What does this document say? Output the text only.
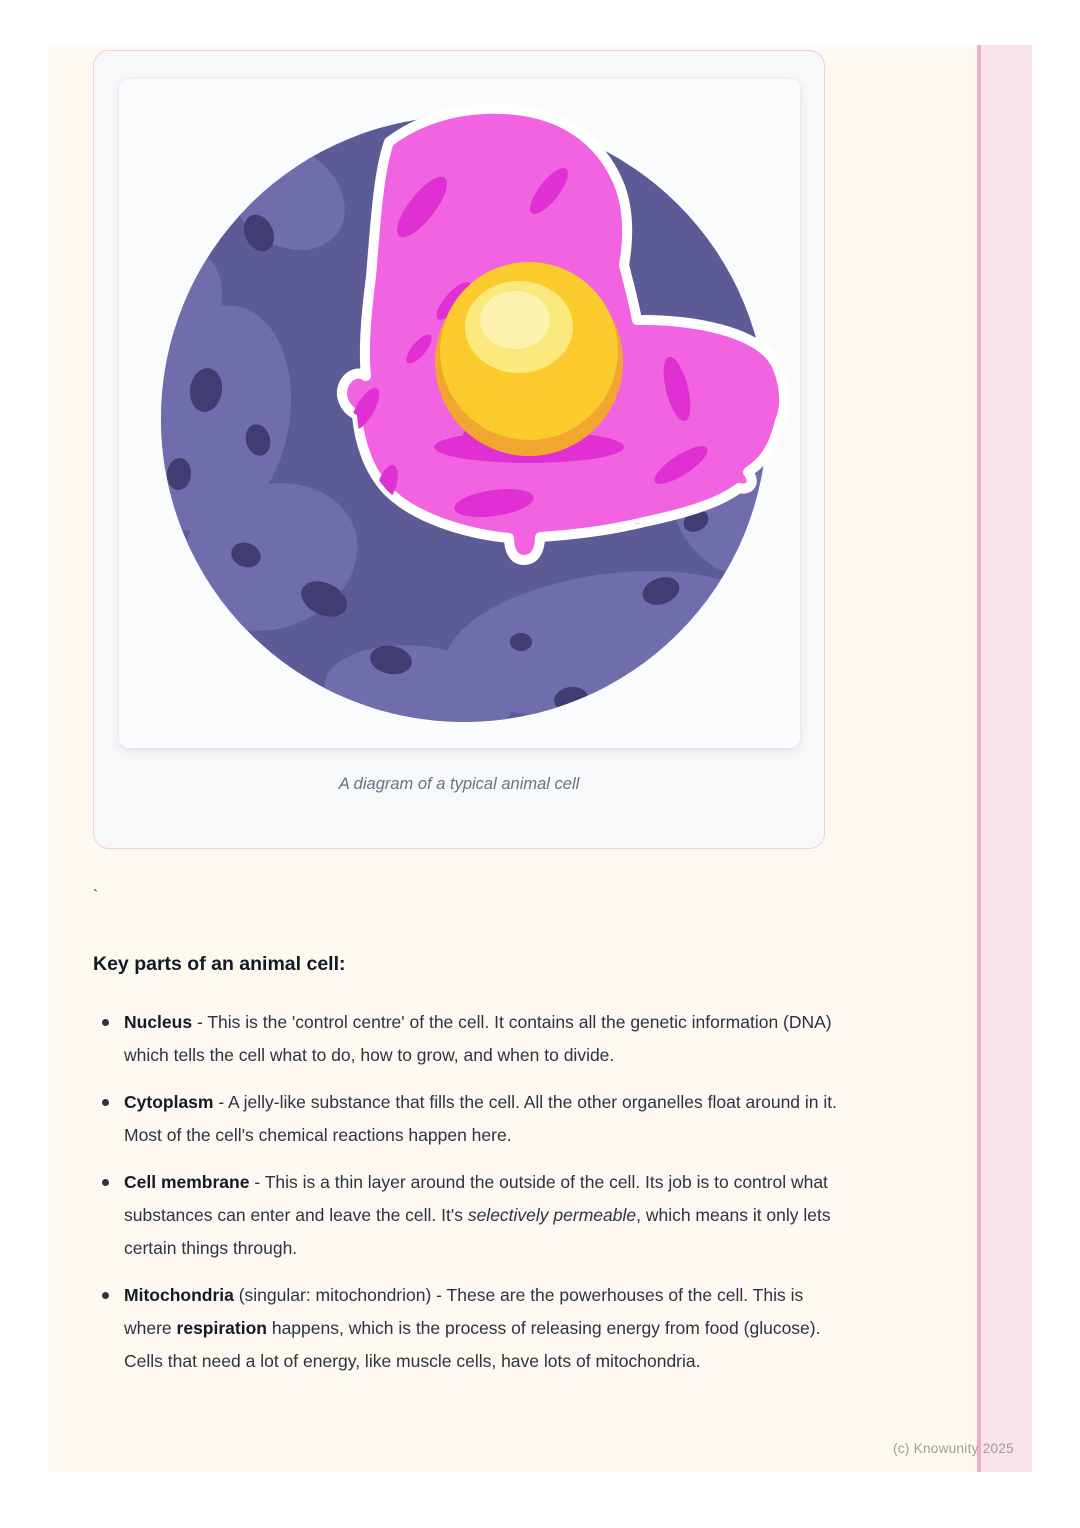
A diagram of a typical animal cell
`
Key parts of an animal cell:
Nucleus - This is the 'control centre' of the cell. It contains all the genetic information (DNA) which tells the cell what to do, how to grow, and when to divide.
Cytoplasm - A jelly-like substance that fills the cell. All the other organelles float around in it. Most of the cell's chemical reactions happen here.
Cell membrane - This is a thin layer around the outside of the cell. Its job is to control what substances can enter and leave the cell. It's selectively permeable, which means it only lets certain things through.
Mitochondria (singular: mitochondrion) - These are the powerhouses of the cell. This is where respiration happens, which is the process of releasing energy from food (glucose). Cells that need a lot of energy, like muscle cells, have lots of mitochondria.
(c) Knowunity 2025
